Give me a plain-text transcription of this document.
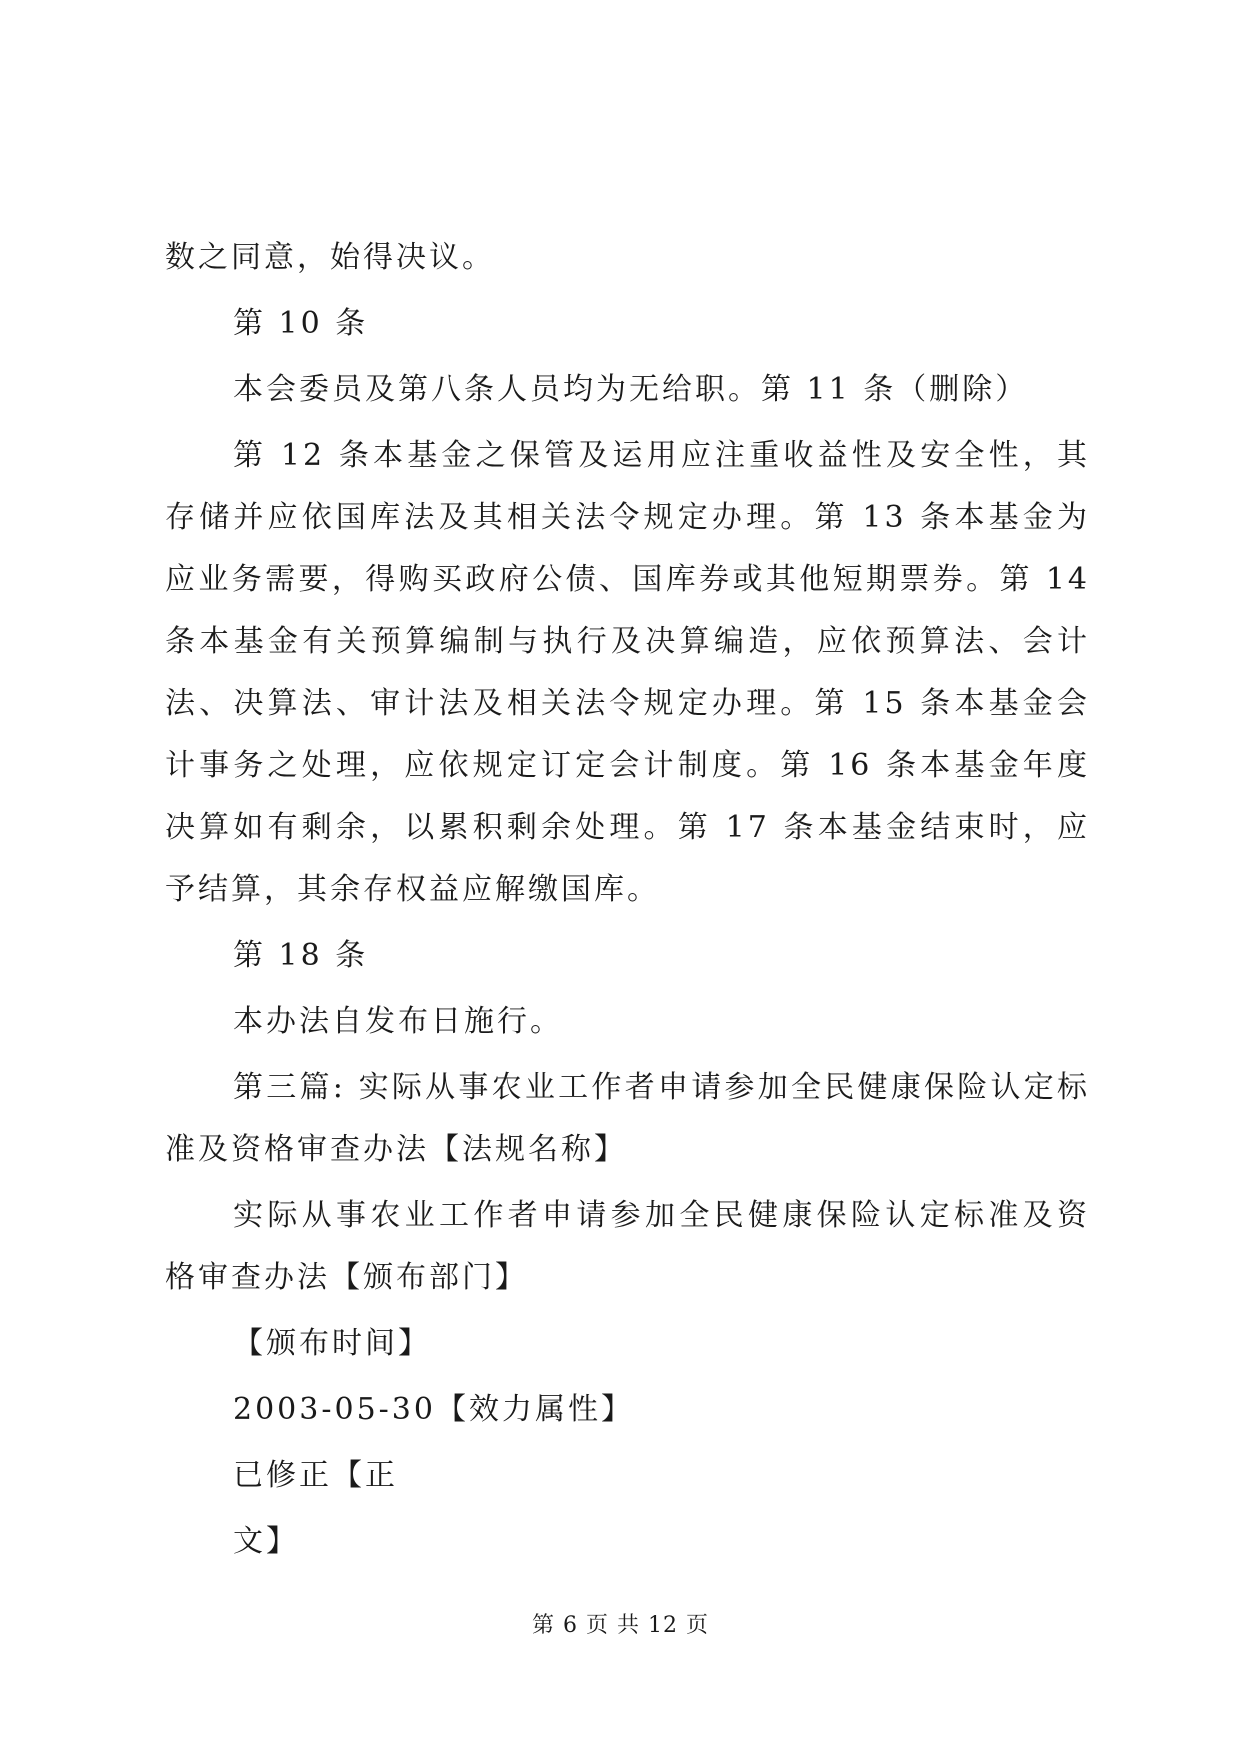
数之同意，始得决议。

第 10 条

本会委员及第八条人员均为无给职。第 11 条（删除）

第 12 条本基金之保管及运用应注重收益性及安全性，其存储并应依国库法及其相关法令规定办理。第 13 条本基金为应业务需要，得购买政府公债、国库券或其他短期票券。第 14 条本基金有关预算编制与执行及决算编造，应依预算法、会计法、决算法、审计法及相关法令规定办理。第 15 条本基金会计事务之处理，应依规定订定会计制度。第 16 条本基金年度决算如有剩余，以累积剩余处理。第 17 条本基金结束时，应予结算，其余存权益应解缴国库。

第 18 条

本办法自发布日施行。

第三篇: 实际从事农业工作者申请参加全民健康保险认定标准及资格审查办法【法规名称】

实际从事农业工作者申请参加全民健康保险认定标准及资格审查办法【颁布部门】

【颁布时间】

2003-05-30【效力属性】

已修正【正

文】

第 6 页 共 12 页
